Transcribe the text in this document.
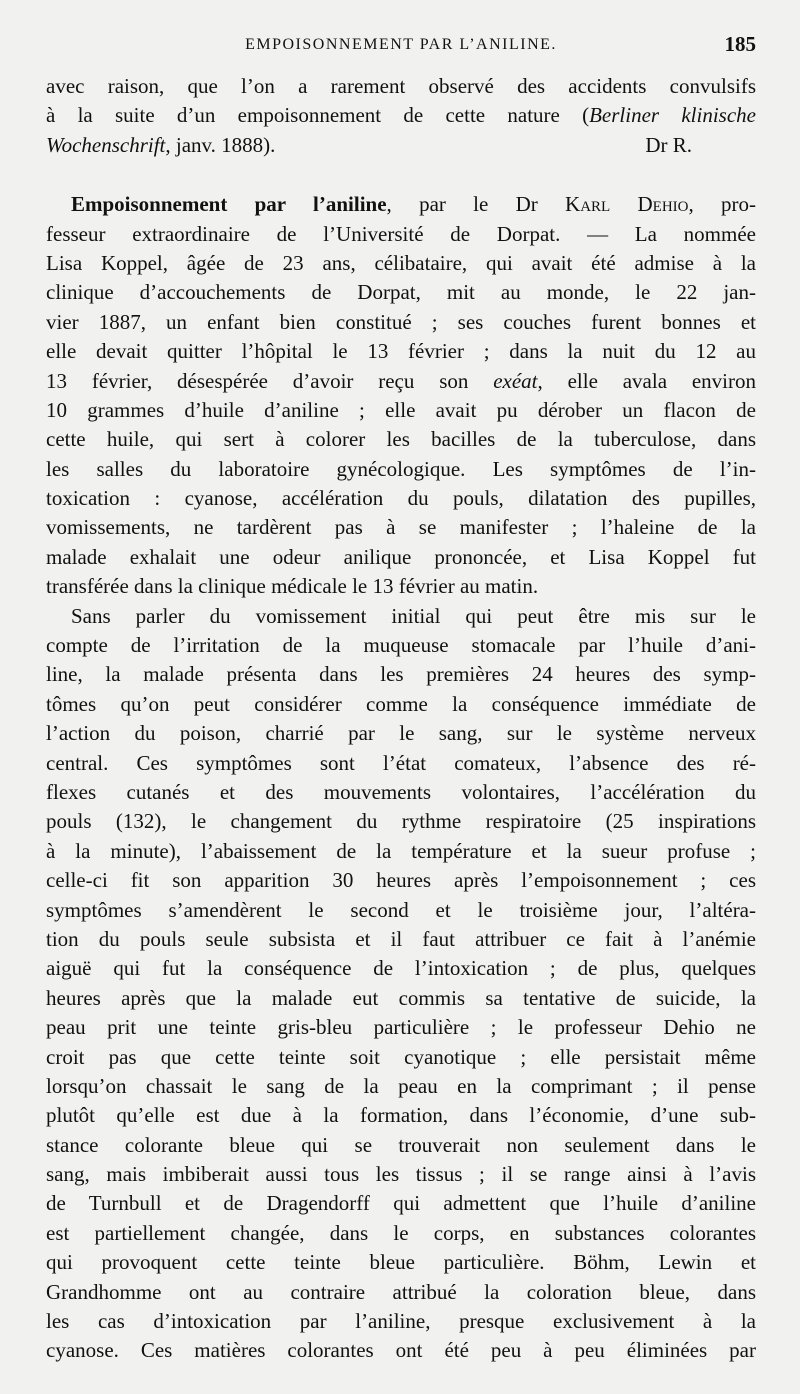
EMPOISONNEMENT PAR L’ANILINE.	185
avec raison, que l’on a rarement observé des accidents convulsifs
à la suite d’un empoisonnement de cette nature (Berliner klinische
Wochenschrift, janv. 1888).	Dr R.
Empoisonnement par l’aniline, par le Dr Karl Dehio, pro-
fesseur extraordinaire de l’Université de Dorpat. — La nommée
Lisa Koppel, âgée de 23 ans, célibataire, qui avait été admise à la
clinique d’accouchements de Dorpat, mit au monde, le 22 jan-
vier 1887, un enfant bien constitué ; ses couches furent bonnes et
elle devait quitter l’hôpital le 13 février ; dans la nuit du 12 au
13 février, désespérée d’avoir reçu son exéat, elle avala environ
10 grammes d’huile d’aniline ; elle avait pu dérober un flacon de
cette huile, qui sert à colorer les bacilles de la tuberculose, dans
les salles du laboratoire gynécologique. Les symptômes de l’in-
toxication : cyanose, accélération du pouls, dilatation des pupilles,
vomissements, ne tardèrent pas à se manifester ; l’haleine de la
malade exhalait une odeur anilique prononcée, et Lisa Koppel fut
transférée dans la clinique médicale le 13 février au matin.
Sans parler du vomissement initial qui peut être mis sur le
compte de l’irritation de la muqueuse stomacale par l’huile d’ani-
line, la malade présenta dans les premières 24 heures des symp-
tômes qu’on peut considérer comme la conséquence immédiate de
l’action du poison, charrié par le sang, sur le système nerveux
central. Ces symptômes sont l’état comateux, l’absence des ré-
flexes cutanés et des mouvements volontaires, l’accélération du
pouls (132), le changement du rythme respiratoire (25 inspirations
à la minute), l’abaissement de la température et la sueur profuse ;
celle-ci fit son apparition 30 heures après l’empoisonnement ; ces
symptômes s’amendèrent le second et le troisième jour, l’altéra-
tion du pouls seule subsista et il faut attribuer ce fait à l’anémie
aiguë qui fut la conséquence de l’intoxication ; de plus, quelques
heures après que la malade eut commis sa tentative de suicide, la
peau prit une teinte gris-bleu particulière ; le professeur Dehio ne
croit pas que cette teinte soit cyanotique ; elle persistait même
lorsqu’on chassait le sang de la peau en la comprimant ; il pense
plutôt qu’elle est due à la formation, dans l’économie, d’une sub-
stance colorante bleue qui se trouverait non seulement dans le
sang, mais imbiberait aussi tous les tissus ; il se range ainsi à l’avis
de Turnbull et de Dragendorff qui admettent que l’huile d’aniline
est partiellement changée, dans le corps, en substances colorantes
qui provoquent cette teinte bleue particulière. Böhm, Lewin et
Grandhomme ont au contraire attribué la coloration bleue, dans
les cas d’intoxication par l’aniline, presque exclusivement à la
cyanose. Ces matières colorantes ont été peu à peu éliminées par
